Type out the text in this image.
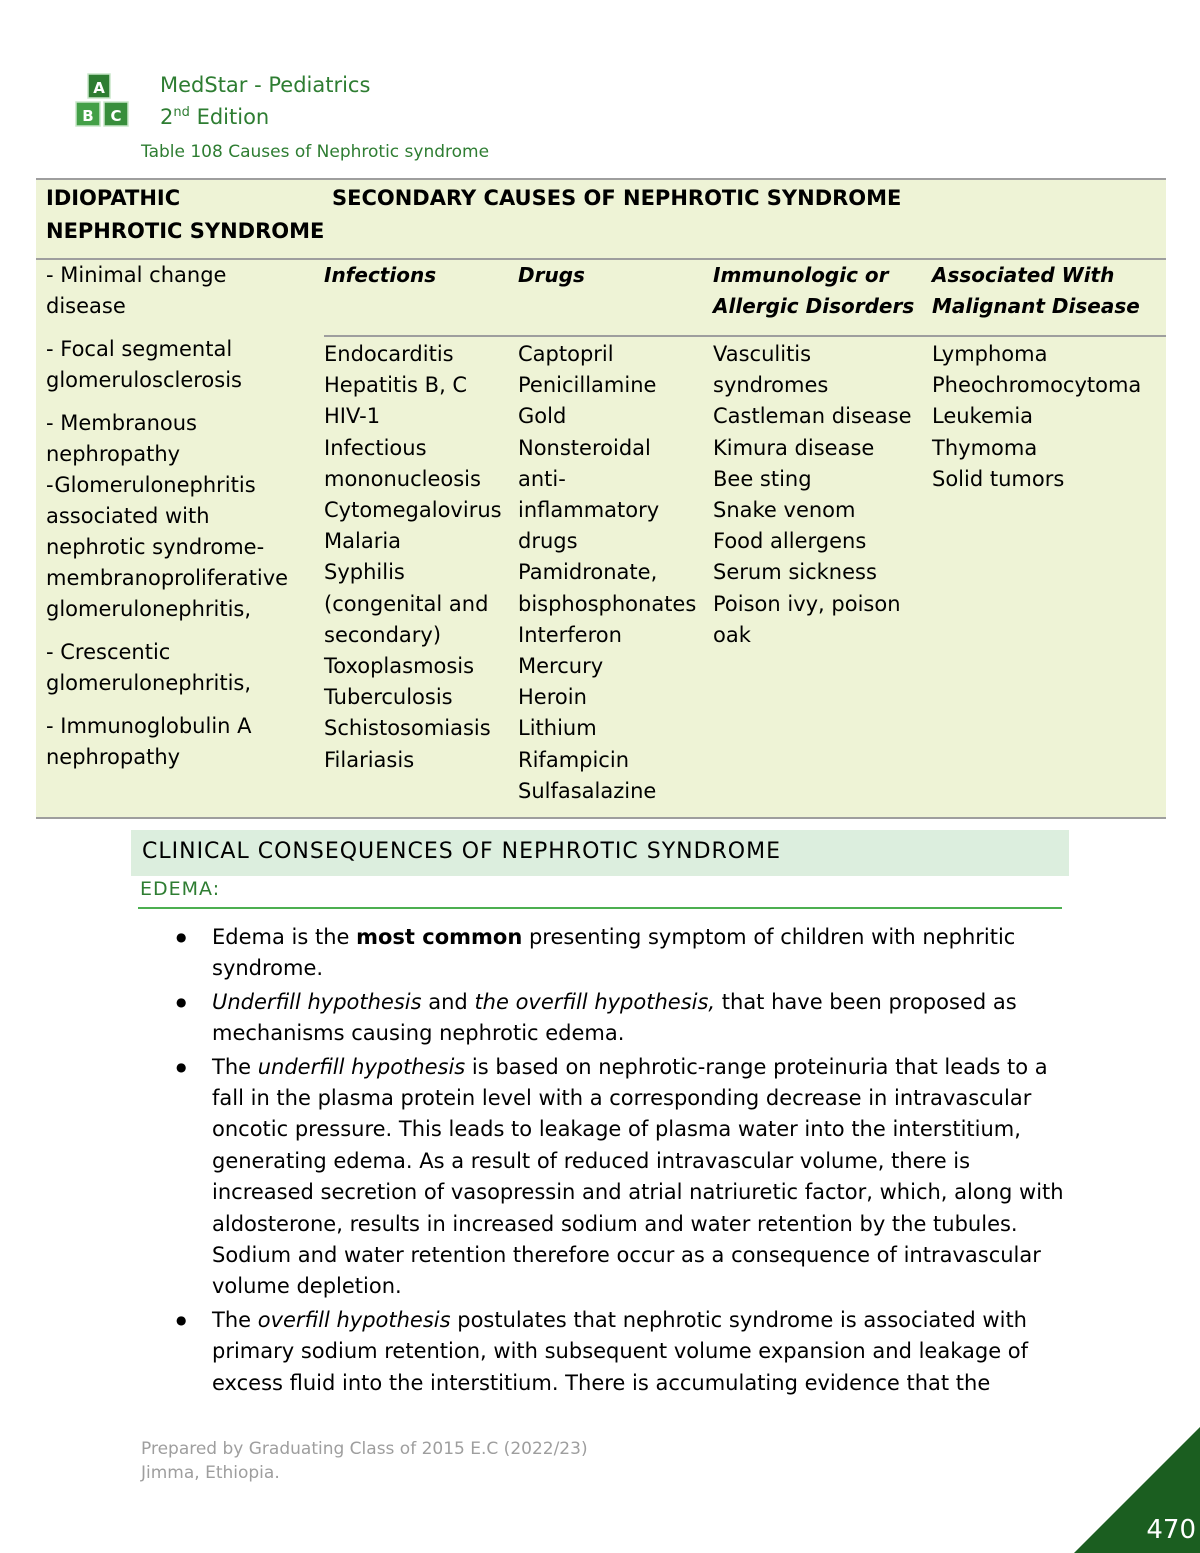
A
B C
MedStar - Pediatrics
2nd Edition
Table 108 Causes of Nephrotic syndrome
IDIOPATHIC
NEPHROTIC SYNDROME
SECONDARY CAUSES OF NEPHROTIC SYNDROME
- Minimal change
disease
- Focal segmental
glomerulosclerosis
- Membranous
nephropathy
-Glomerulonephritis
associated with
nephrotic syndrome-
membranoproliferative
glomerulonephritis,
- Crescentic
glomerulonephritis,
- Immunoglobulin A
nephropathy
Infections	Drugs	Immunologic or
Allergic Disorders
Associated With
Malignant Disease
Endocarditis
Hepatitis B, C
HIV-1
Infectious
mononucleosis
Cytomegalovirus
Malaria
Syphilis
(congenital and
secondary)
Toxoplasmosis
Tuberculosis
Schistosomiasis
Filariasis
Captopril
Penicillamine
Gold
Nonsteroidal
anti-
inflammatory
drugs
Pamidronate,
bisphosphonates
Interferon
Mercury
Heroin
Lithium
Rifampicin
Sulfasalazine
Vasculitis
syndromes
Castleman disease
Kimura disease
Bee sting
Snake venom
Food allergens
Serum sickness
Poison ivy, poison
oak
Lymphoma
Pheochromocytoma
Leukemia
Thymoma
Solid tumors
CLINICAL CONSEQUENCES OF NEPHROTIC SYNDROME
EDEMA:
● Edema is the most common presenting symptom of children with nephritic syndrome.
● Underfill hypothesis and the overfill hypothesis, that have been proposed as mechanisms causing nephrotic edema.
● The underfill hypothesis is based on nephrotic-range proteinuria that leads to a fall in the plasma protein level with a corresponding decrease in intravascular oncotic pressure. This leads to leakage of plasma water into the interstitium, generating edema. As a result of reduced intravascular volume, there is increased secretion of vasopressin and atrial natriuretic factor, which, along with aldosterone, results in increased sodium and water retention by the tubules. Sodium and water retention therefore occur as a consequence of intravascular volume depletion.
● The overfill hypothesis postulates that nephrotic syndrome is associated with primary sodium retention, with subsequent volume expansion and leakage of excess fluid into the interstitium. There is accumulating evidence that the
Prepared by Graduating Class of 2015 E.C (2022/23)
Jimma, Ethiopia.
470
